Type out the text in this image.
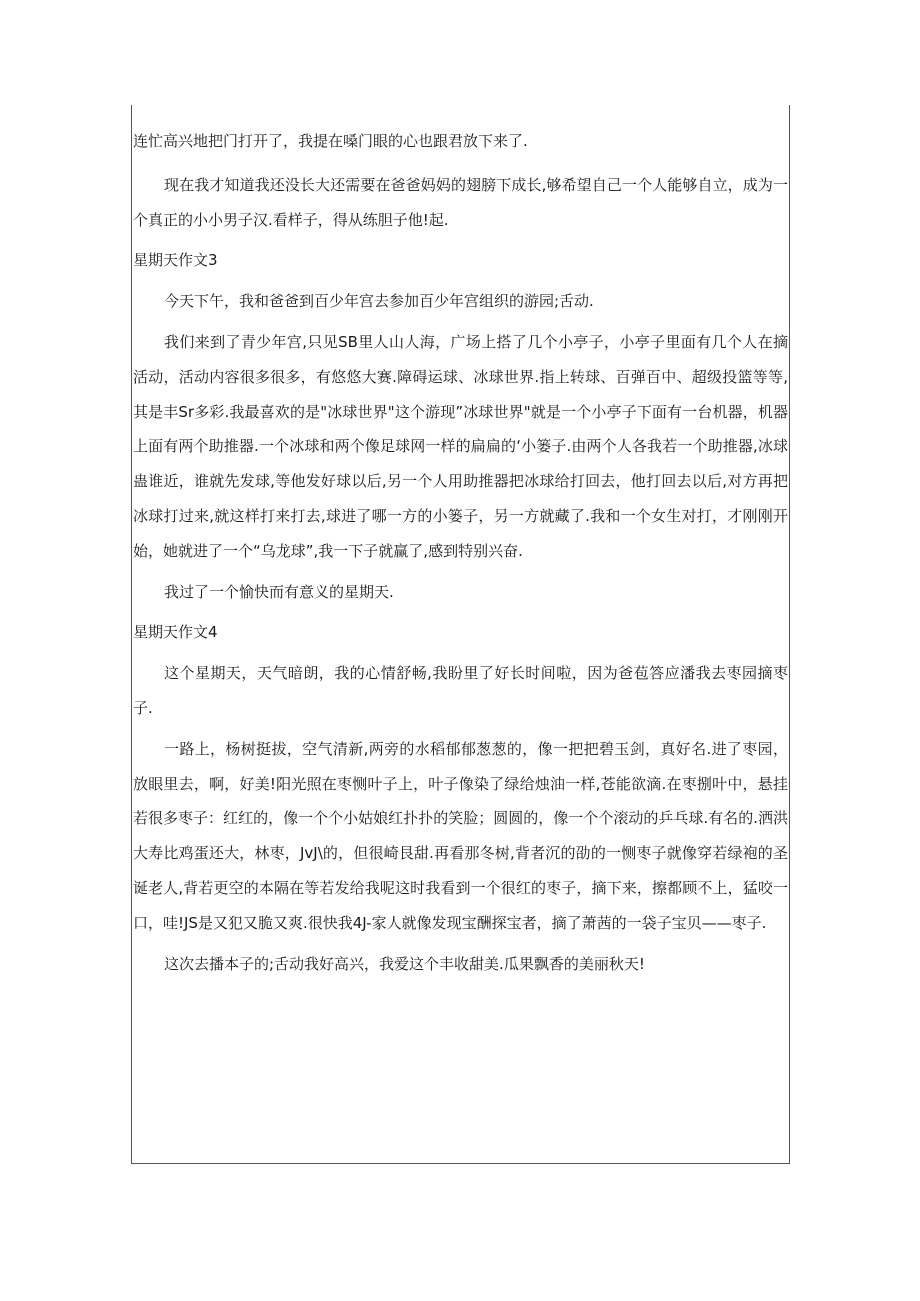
连忙高兴地把门打开了，我提在嗓门眼的心也跟君放下来了.

现在我才知道我还没长大还需要在爸爸妈妈的翅膀下成长,够希望自己一个人能够自立，成为一个真正的小小男子汉.看样子，得从练胆子他!起.

星期天作文3

今天下午，我和爸爸到百少年宫去参加百少年宫组织的游园;舌动.

我们来到了青少年宫,只见SB里人山人海，广场上搭了几个小亭子，小亭子里面有几个人在摘活动，活动内容很多很多，有悠悠大赛.障碍运球、冰球世界.指上转球、百弹百中、超级投篮等等,其是丰Sr多彩.我最喜欢的是"冰球世界"这个游现”冰球世界"就是一个小亭子下面有一台机器，机器上面有两个助推器.一个冰球和两个像足球网一样的扁扁的‘小篓子.由两个人各我若一个助推器,冰球蛊谁近，谁就先发球,等他发好球以后,另一个人用助推器把冰球给打回去，他打回去以后,对方再把冰球打过来,就这样打来打去,球进了哪一方的小篓子，另一方就藏了.我和一个女生对打，才刚刚开始，她就进了一个“乌龙球”,我一下子就赢了,感到特别兴奋.

我过了一个愉快而有意义的星期天.

星期天作文4

这个星期天，天气暗朗，我的心情舒畅,我盼里了好长时间啦，因为爸苞答应潘我去枣园摘枣子.

一路上，杨树挺拔，空气清新,两旁的水稻郁郁葱葱的，像一把把碧玉剑，真好名.进了枣园，放眼里去，啊，好美!阳光照在枣恻叶子上，叶子像染了绿给烛油一样,苍能欲滴.在枣捌叶中，悬挂若很多枣子：红红的，像一个个小姑娘红扑扑的笑脸；圆圆的，像一个个滚动的乒乓球.有名的.洒洪大寿比鸡蛋还大，林枣，JvJ\的，但很崎艮甜.再看那冬树,背者沉的劭的一恻枣子就像穿若绿袍的圣诞老人,背若更空的本隔在等若发给我呢这时我看到一个很红的枣子，摘下来，擦都顾不上，猛咬一口，哇!JS是又犯又脆又爽.很快我4J-家人就像发现宝酬探宝者，摘了萧茜的一袋子宝贝——枣子.

这次去播本子的;舌动我好高兴，我爱这个丰收甜美.瓜果飘香的美丽秋天!
